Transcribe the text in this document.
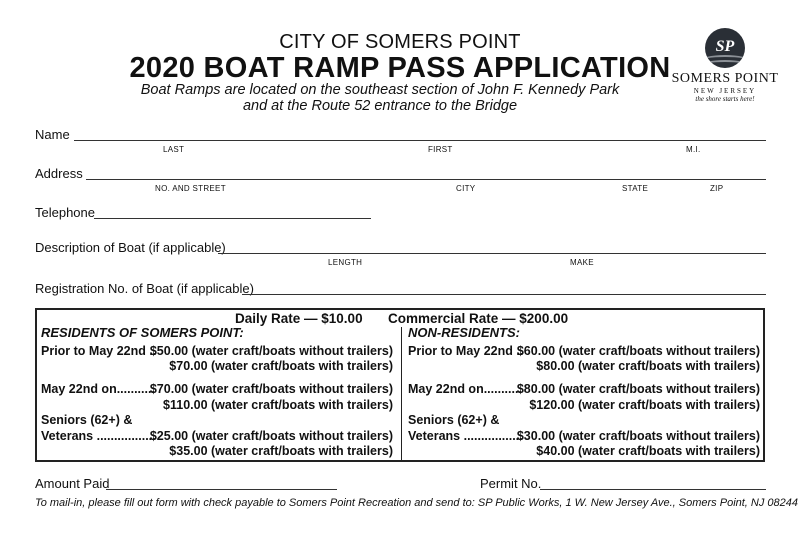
CITY OF SOMERS POINT
2020 BOAT RAMP PASS APPLICATION
Boat Ramps are located on the southeast section of John F. Kennedy Park
and at the Route 52 entrance to the Bridge
SP
SOMERS POINT
NEW JERSEY
the shore starts here!
Name
LAST	FIRST	M.I.
Address
NO. AND STREET	CITY	STATE	ZIP
Telephone
Description of Boat (if applicable)
LENGTH	MAKE
Registration No. of Boat (if applicable)
Daily Rate — $10.00 Commercial Rate — $200.00
RESIDENTS OF SOMERS POINT:
Prior to May 22nd ..
$50.00 (water craft/boats without trailers)
$70.00 (water craft/boats with trailers)
May 22nd on...........
$70.00 (water craft/boats without trailers)
$110.00 (water craft/boats with trailers)
Seniors (62+) &
Veterans .................
$25.00 (water craft/boats without trailers)
$35.00 (water craft/boats with trailers)
NON-RESIDENTS:
Prior to May 22nd ..
$60.00 (water craft/boats without trailers)
$80.00 (water craft/boats with trailers)
May 22nd on...........
$80.00 (water craft/boats without trailers)
$120.00 (water craft/boats with trailers)
Seniors (62+) &
Veterans .................
$30.00 (water craft/boats without trailers)
$40.00 (water craft/boats with trailers)
Amount Paid	Permit No.
To mail-in, please fill out form with check payable to Somers Point Recreation and send to: SP Public Works, 1 W. New Jersey Ave., Somers Point, NJ 08244
